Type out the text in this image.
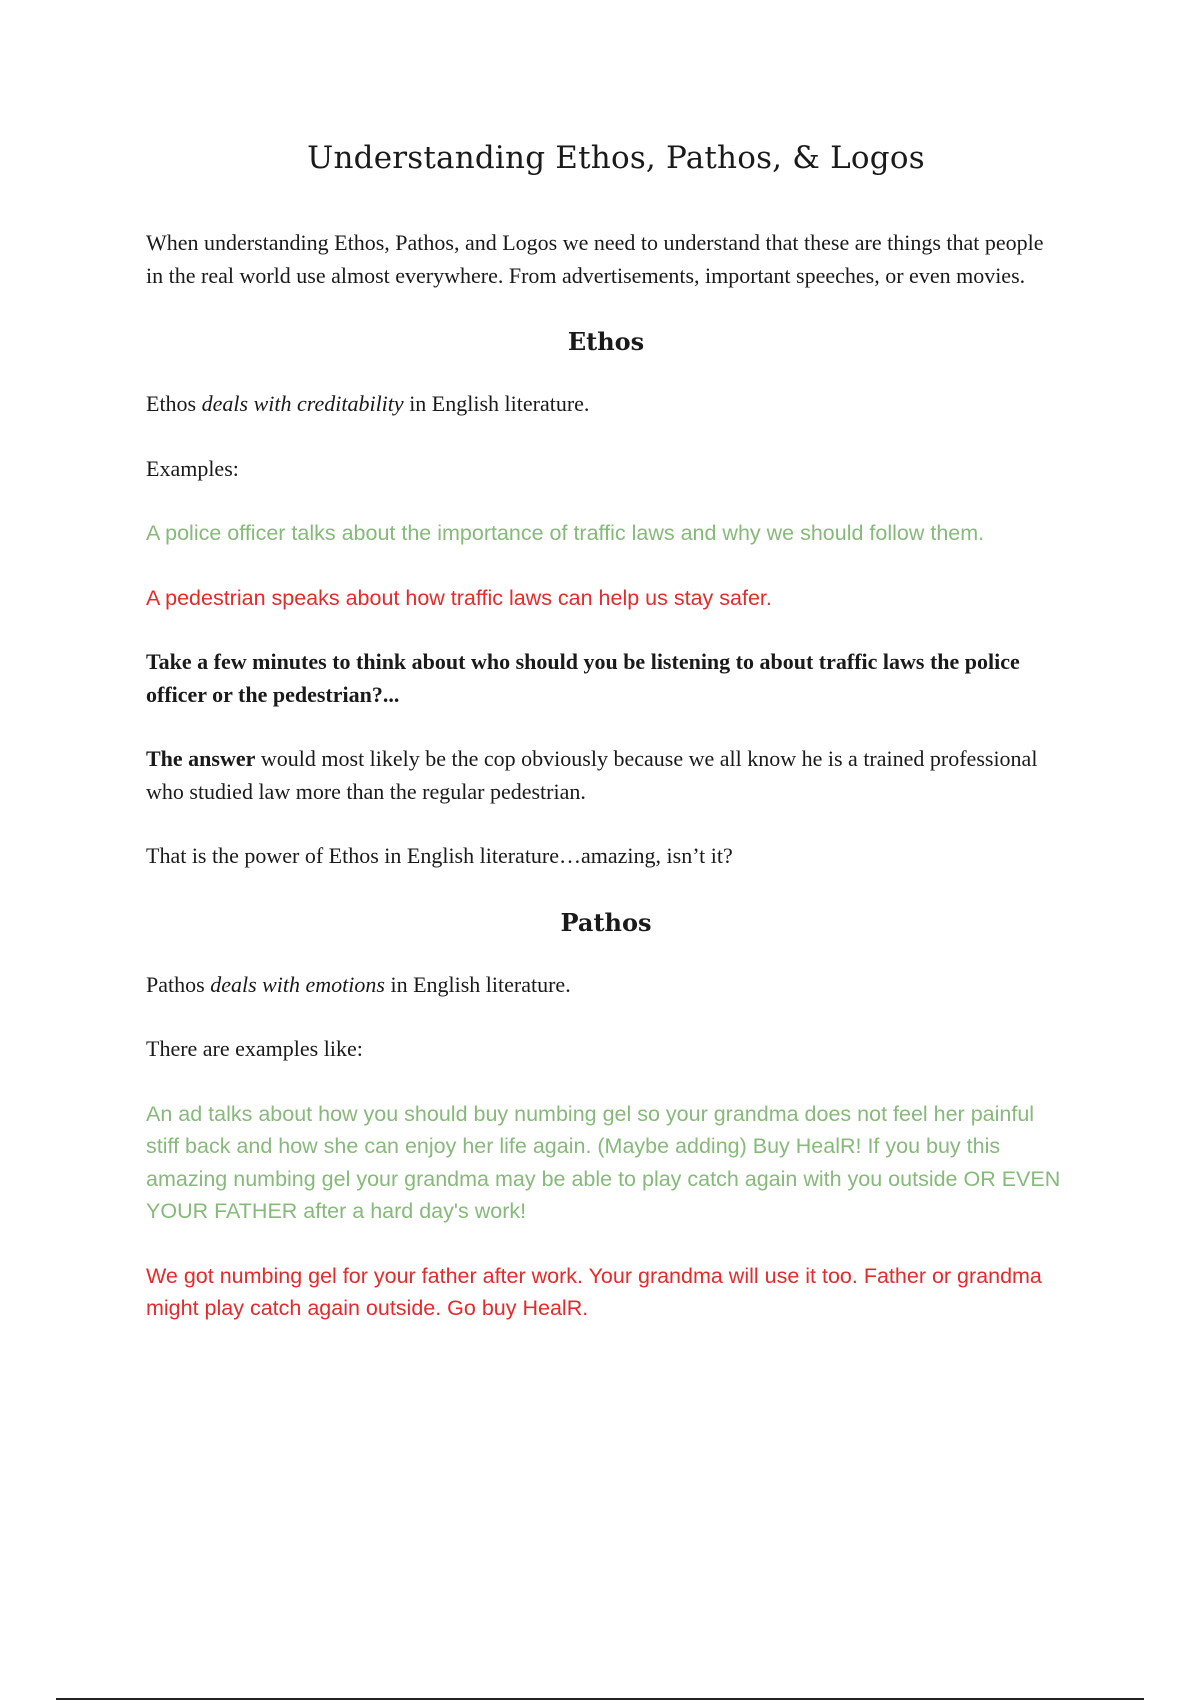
Understanding Ethos, Pathos, & Logos

When understanding Ethos, Pathos, and Logos we need to understand that these are things that people in the real world use almost everywhere. From advertisements, important speeches, or even movies.

Ethos

Ethos deals with creditability in English literature.

Examples:

A police officer talks about the importance of traffic laws and why we should follow them.

A pedestrian speaks about how traffic laws can help us stay safer.

Take a few minutes to think about who should you be listening to about traffic laws the police officer or the pedestrian?...

The answer would most likely be the cop obviously because we all know he is a trained professional who studied law more than the regular pedestrian.

That is the power of Ethos in English literature…amazing, isn’t it?

Pathos

Pathos deals with emotions in English literature.

There are examples like:

An ad talks about how you should buy numbing gel so your grandma does not feel her painful stiff back and how she can enjoy her life again. (Maybe adding) Buy HealR! If you buy this amazing numbing gel your grandma may be able to play catch again with you outside OR EVEN YOUR FATHER after a hard day's work!

We got numbing gel for your father after work. Your grandma will use it too. Father or grandma might play catch again outside. Go buy HealR.
